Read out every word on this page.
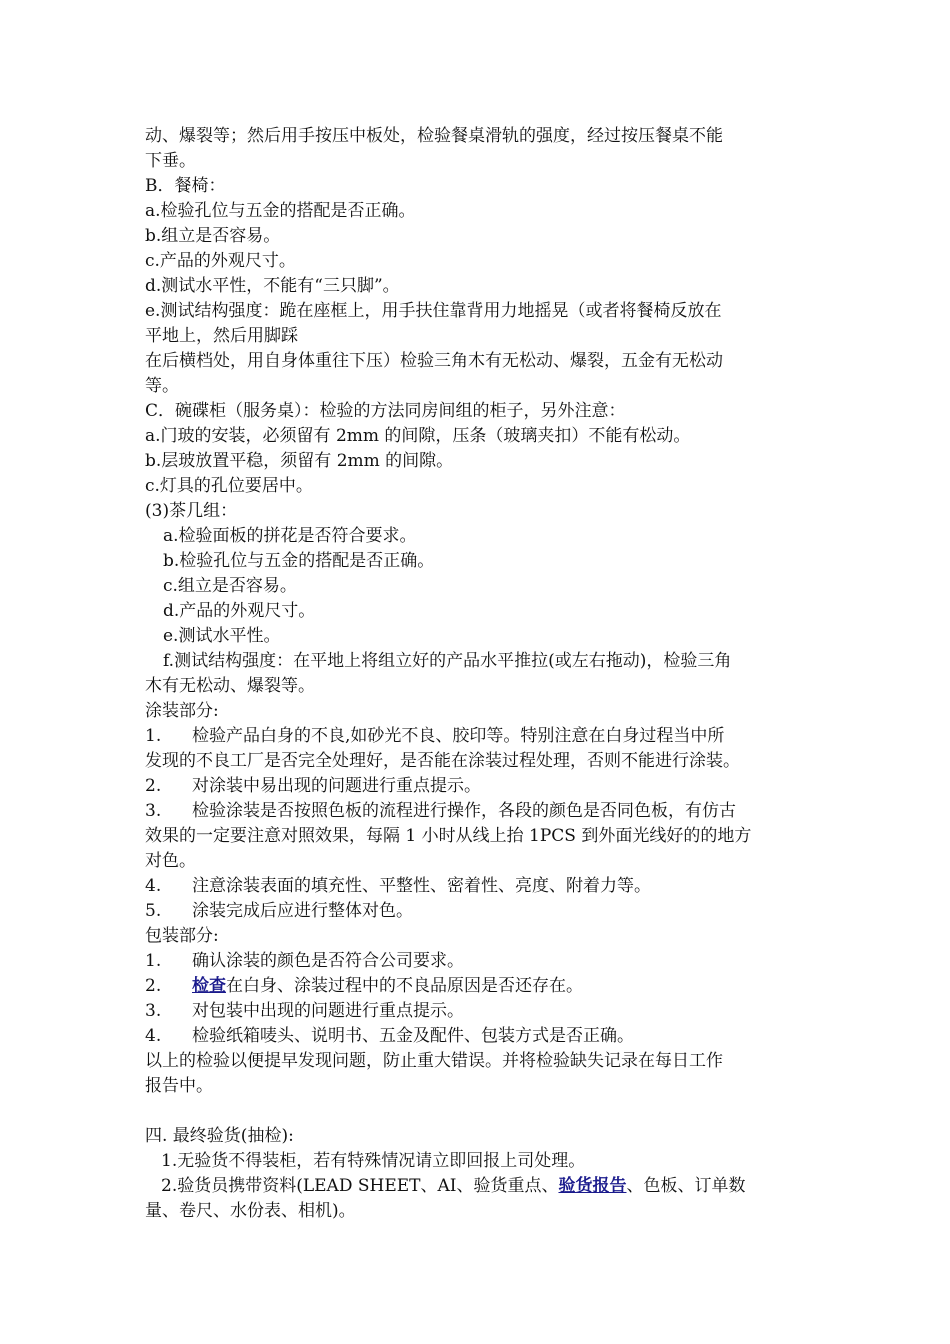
动、爆裂等；然后用手按压中板处，检验餐桌滑轨的强度，经过按压餐桌不能
下垂。
B．餐椅：
a.检验孔位与五金的搭配是否正确。
b.组立是否容易。
c.产品的外观尺寸。
d.测试水平性，不能有“三只脚”。
e.测试结构强度：跪在座框上，用手扶住靠背用力地摇晃（或者将餐椅反放在
平地上，然后用脚踩
在后横档处，用自身体重往下压）检验三角木有无松动、爆裂，五金有无松动
等。
C．碗碟柜（服务桌）：检验的方法同房间组的柜子，另外注意：
a.门玻的安装，必须留有 2mm 的间隙，压条（玻璃夹扣）不能有松动。
b.层玻放置平稳，须留有 2mm 的间隙。
c.灯具的孔位要居中。
(3)茶几组：
a.检验面板的拼花是否符合要求。
b.检验孔位与五金的搭配是否正确。
c.组立是否容易。
d.产品的外观尺寸。
e.测试水平性。
f.测试结构强度：在平地上将组立好的产品水平推拉(或左右拖动)，检验三角
木有无松动、爆裂等。
涂装部分:
1. 检验产品白身的不良,如砂光不良、胶印等。特别注意在白身过程当中所
发现的不良工厂是否完全处理好，是否能在涂装过程处理，否则不能进行涂装。
2. 对涂装中易出现的问题进行重点提示。
3. 检验涂装是否按照色板的流程进行操作，各段的颜色是否同色板，有仿古
效果的一定要注意对照效果，每隔 1 小时从线上抬 1PCS 到外面光线好的的地方
对色。
4. 注意涂装表面的填充性、平整性、密着性、亮度、附着力等。
5. 涂装完成后应进行整体对色。
包装部分:
1. 确认涂装的颜色是否符合公司要求。
2. 检查在白身、涂装过程中的不良品原因是否还存在。
3. 对包装中出现的问题进行重点提示。
4. 检验纸箱唛头、说明书、五金及配件、包装方式是否正确。
以上的检验以便提早发现问题，防止重大错误。并将检验缺失记录在每日工作
报告中。
四. 最终验货(抽检):
1.无验货不得装柜，若有特殊情况请立即回报上司处理。
2.验货员携带资料(LEAD SHEET、AI、验货重点、验货报告、色板、订单数
量、卷尺、水份表、相机)。
